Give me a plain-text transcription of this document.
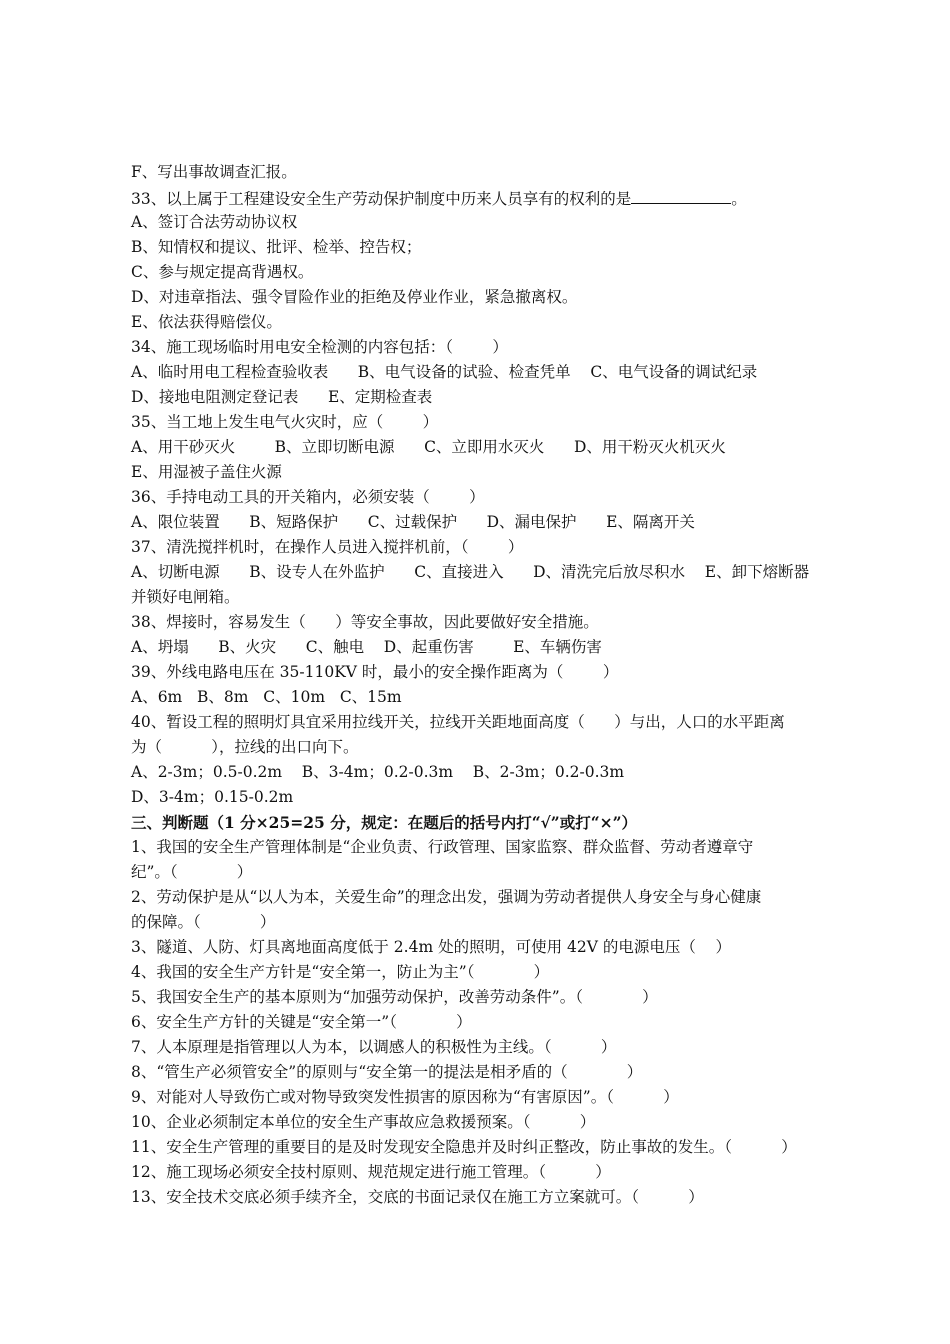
F、写出事故调查汇报。
33、以上属于工程建设安全生产劳动保护制度中历来人员享有的权利的是	。
A、签订合法劳动协议权
B、知情权和提议、批评、检举、控告权；
C、参与规定提高背遇权。
D、对违章指法、强令冒险作业的拒绝及停业作业，紧急撤离权。
E、依法获得赔偿仪。
34、施工现场临时用电安全检测的内容包括：（        ）
A、临时用电工程检查验收表      B、电气设备的试验、检查凭单    C、电气设备的调试纪录
D、接地电阻测定登记表      E、定期检查表
35、当工地上发生电气火灾时，应（        ）
A、用干砂灭火        B、立即切断电源      C、立即用水灭火      D、用干粉灭火机灭火
E、用湿被子盖住火源
36、手持电动工具的开关箱内，必须安装（        ）
A、限位装置      B、短路保护      C、过载保护      D、漏电保护      E、隔离开关
37、清洗搅拌机时，在操作人员进入搅拌机前，（        ）
A、切断电源      B、设专人在外监护      C、直接进入      D、清洗完后放尽积水    E、卸下熔断器
并锁好电闸箱。
38、焊接时，容易发生（      ）等安全事故，因此要做好安全措施。
A、坍塌      B、火灾      C、触电    D、起重伤害        E、车辆伤害
39、外线电路电压在 35-110KV 时，最小的安全操作距离为（        ）
A、6m   B、8m   C、10m   C、15m
40、暂设工程的照明灯具宜采用拉线开关，拉线开关距地面高度（      ）与出，人口的水平距离
为（          ），拉线的出口向下。
A、2-3m；0.5-0.2m    B、3-4m；0.2-0.3m    B、2-3m；0.2-0.3m
D、3-4m；0.15-0.2m
三、判断题（1 分×25=25 分，规定：在题后的括号内打“√”或打“×”）
1、我国的安全生产管理体制是“企业负责、行政管理、国家监察、群众监督、劳动者遵章守
纪”。（            ）
2、劳动保护是从“以人为本，关爱生命”的理念出发，强调为劳动者提供人身安全与身心健康
的保障。（            ）
3、隧道、人防、灯具离地面高度低于 2.4m 处的照明，可使用 42V 的电源电压（    ）
4、我国的安全生产方针是“安全第一，防止为主”（            ）
5、我国安全生产的基本原则为“加强劳动保护，改善劳动条件”。（            ）
6、安全生产方针的关键是“安全第一”（            ）
7、人本原理是指管理以人为本，以调感人的积极性为主线。（          ）
8、“管生产必须管安全”的原则与“安全第一的提法是相矛盾的（            ）
9、对能对人导致伤亡或对物导致突发性损害的原因称为“有害原因”。（          ）
10、企业必须制定本单位的安全生产事故应急救援预案。（          ）
11、安全生产管理的重要目的是及时发现安全隐患并及时纠正整改，防止事故的发生。（          ）
12、施工现场必须安全技村原则、规范规定进行施工管理。（          ）
13、安全技术交底必须手续齐全，交底的书面记录仅在施工方立案就可。（          ）
